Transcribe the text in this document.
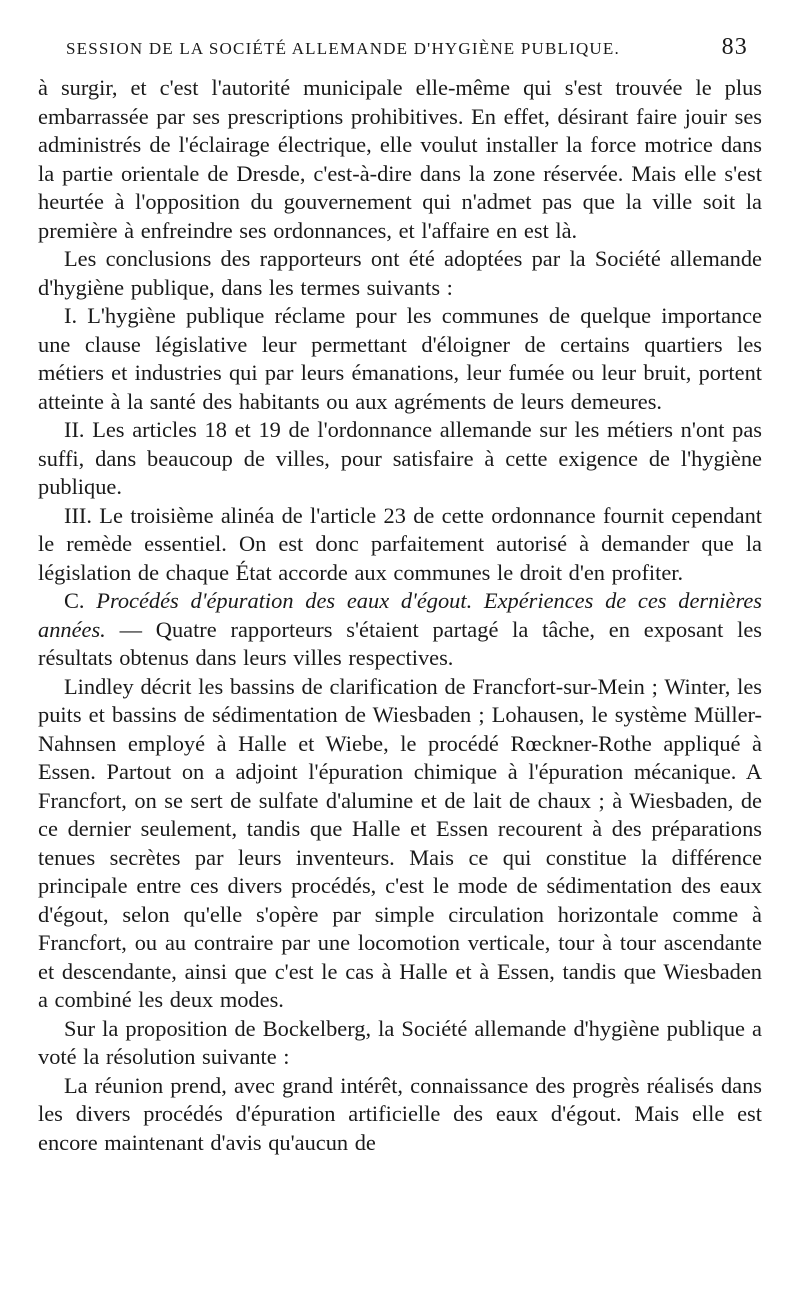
SESSION DE LA SOCIÉTÉ ALLEMANDE D'HYGIÈNE PUBLIQUE.	83

à surgir, et c'est l'autorité municipale elle-même qui s'est trouvée le plus embarrassée par ses prescriptions prohibitives. En effet, désirant faire jouir ses administrés de l'éclairage électrique, elle voulut installer la force motrice dans la partie orientale de Dresde, c'est-à-dire dans la zone réservée. Mais elle s'est heurtée à l'opposition du gouvernement qui n'admet pas que la ville soit la première à enfreindre ses ordonnances, et l'affaire en est là.

Les conclusions des rapporteurs ont été adoptées par la Société allemande d'hygiène publique, dans les termes suivants :

I. L'hygiène publique réclame pour les communes de quelque importance une clause législative leur permettant d'éloigner de certains quartiers les métiers et industries qui par leurs émanations, leur fumée ou leur bruit, portent atteinte à la santé des habitants ou aux agréments de leurs demeures.

II. Les articles 18 et 19 de l'ordonnance allemande sur les métiers n'ont pas suffi, dans beaucoup de villes, pour satisfaire à cette exigence de l'hygiène publique.

III. Le troisième alinéa de l'article 23 de cette ordonnance fournit cependant le remède essentiel. On est donc parfaitement autorisé à demander que la législation de chaque État accorde aux communes le droit d'en profiter.

C. Procédés d'épuration des eaux d'égout. Expériences de ces dernières années. — Quatre rapporteurs s'étaient partagé la tâche, en exposant les résultats obtenus dans leurs villes respectives.

Lindley décrit les bassins de clarification de Francfort-sur-Mein ; Winter, les puits et bassins de sédimentation de Wiesbaden ; Lohausen, le système Müller-Nahnsen employé à Halle et Wiebe, le procédé Rœckner-Rothe appliqué à Essen. Partout on a adjoint l'épuration chimique à l'épuration mécanique. A Francfort, on se sert de sulfate d'alumine et de lait de chaux ; à Wiesbaden, de ce dernier seulement, tandis que Halle et Essen recourent à des préparations tenues secrètes par leurs inventeurs. Mais ce qui constitue la différence principale entre ces divers procédés, c'est le mode de sédimentation des eaux d'égout, selon qu'elle s'opère par simple circulation horizontale comme à Francfort, ou au contraire par une locomotion verticale, tour à tour ascendante et descendante, ainsi que c'est le cas à Halle et à Essen, tandis que Wiesbaden a combiné les deux modes.

Sur la proposition de Bockelberg, la Société allemande d'hygiène publique a voté la résolution suivante :

La réunion prend, avec grand intérêt, connaissance des progrès réalisés dans les divers procédés d'épuration artificielle des eaux d'égout. Mais elle est encore maintenant d'avis qu'aucun de
